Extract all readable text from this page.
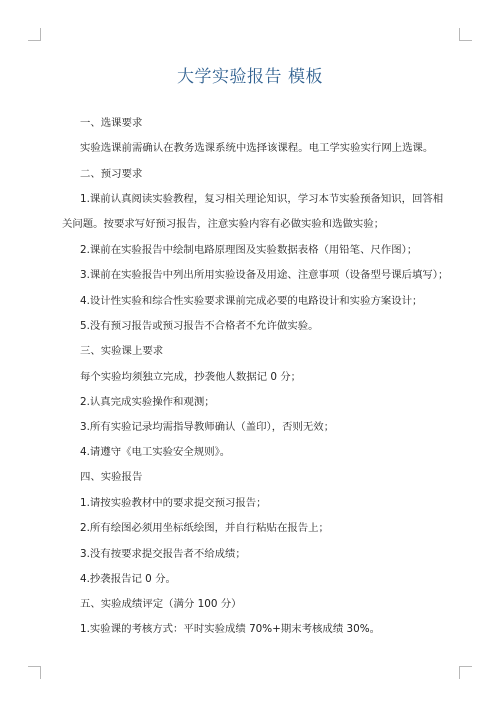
大学实验报告 模板
一、选课要求
实验选课前需确认在教务选课系统中选择该课程。电工学实验实行网上选课。
二、预习要求
1.课前认真阅读实验教程，复习相关理论知识，学习本节实验预备知识，回答相
关问题。按要求写好预习报告，注意实验内容有必做实验和选做实验；
2.课前在实验报告中绘制电路原理图及实验数据表格（用铅笔、尺作图）；
3.课前在实验报告中列出所用实验设备及用途、注意事项（设备型号课后填写）；
4.设计性实验和综合性实验要求课前完成必要的电路设计和实验方案设计；
5.没有预习报告或预习报告不合格者不允许做实验。
三、实验课上要求
每个实验均须独立完成，抄袭他人数据记 0 分；
2.认真完成实验操作和观测；
3.所有实验记录均需指导教师确认（盖印），否则无效；
4.请遵守《电工实验安全规则》。
四、实验报告
1.请按实验教材中的要求提交预习报告；
2.所有绘图必须用坐标纸绘图，并自行粘贴在报告上；
3.没有按要求提交报告者不给成绩；
4.抄袭报告记 0 分。
五、实验成绩评定（满分 100 分）
1.实验课的考核方式：平时实验成绩 70%+期末考核成绩 30%。
